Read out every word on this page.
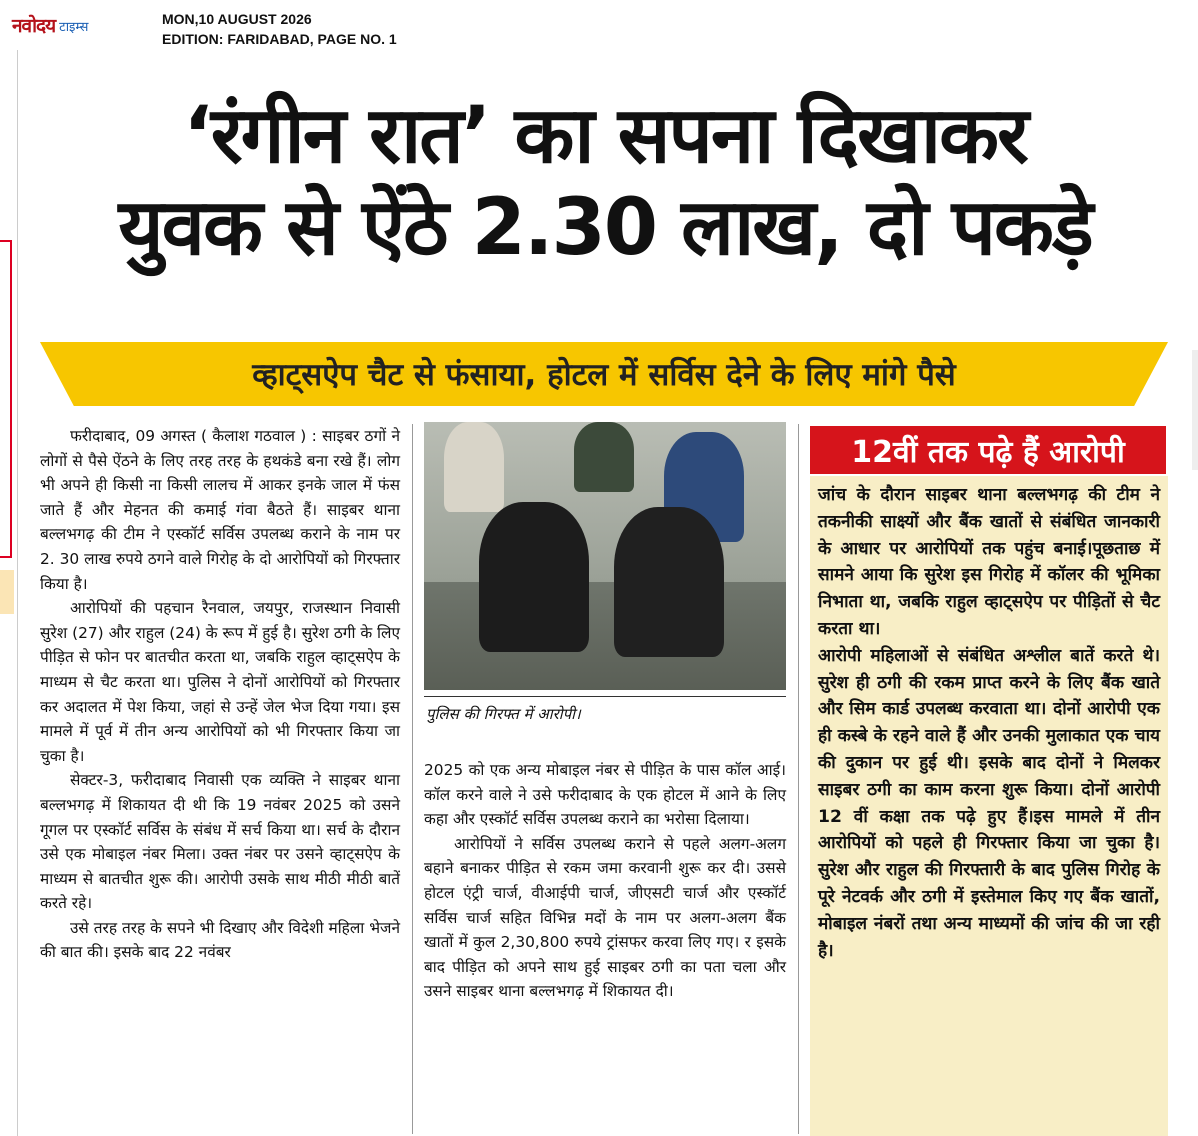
नवोदय टाइम्स
MON,10 AUGUST 2026
EDITION: FARIDABAD, PAGE NO. 1
‘रंगीन रात’ का सपना दिखाकर
युवक से ऐंठे 2.30 लाख, दो पकड़े
व्हाट्सऐप चैट से फंसाया, होटल में सर्विस देने के लिए मांगे पैसे

फरीदाबाद, 09 अगस्त ( कैलाश गठवाल ) : साइबर ठगों ने लोगों से पैसे ऐंठने के लिए तरह तरह के हथकंडे बना रखे हैं। लोग भी अपने ही किसी ना किसी लालच में आकर इनके जाल में फंस जाते हैं और मेहनत की कमाई गंवा बैठते हैं। साइबर थाना बल्लभगढ़ की टीम ने एस्कॉर्ट सर्विस उपलब्ध कराने के नाम पर 2. 30 लाख रुपये ठगने वाले गिरोह के दो आरोपियों को गिरफ्तार किया है।

आरोपियों की पहचान रैनवाल, जयपुर, राजस्थान निवासी सुरेश (27) और राहुल (24) के रूप में हुई है। सुरेश ठगी के लिए पीड़ित से फोन पर बातचीत करता था, जबकि राहुल व्हाट्सऐप के माध्यम से चैट करता था। पुलिस ने दोनों आरोपियों को गिरफ्तार कर अदालत में पेश किया, जहां से उन्हें जेल भेज दिया गया। इस मामले में पूर्व में तीन अन्य आरोपियों को भी गिरफ्तार किया जा चुका है।

सेक्टर-3, फरीदाबाद निवासी एक व्यक्ति ने साइबर थाना बल्लभगढ़ में शिकायत दी थी कि 19 नवंबर 2025 को उसने गूगल पर एस्कॉर्ट सर्विस के संबंध में सर्च किया था। सर्च के दौरान उसे एक मोबाइल नंबर मिला। उक्त नंबर पर उसने व्हाट्सऐप के माध्यम से बातचीत शुरू की। आरोपी उसके साथ मीठी मीठी बातें करते रहे।

उसे तरह तरह के सपने भी दिखाए और विदेशी महिला भेजने की बात की। इसके बाद 22 नवंबर

पुलिस की गिरफ्त में आरोपी।

2025 को एक अन्य मोबाइल नंबर से पीड़ित के पास कॉल आई। कॉल करने वाले ने उसे फरीदाबाद के एक होटल में आने के लिए कहा और एस्कॉर्ट सर्विस उपलब्ध कराने का भरोसा दिलाया।

आरोपियों ने सर्विस उपलब्ध कराने से पहले अलग-अलग बहाने बनाकर पीड़ित से रकम जमा करवानी शुरू कर दी। उससे होटल एंट्री चार्ज, वीआईपी चार्ज, जीएसटी चार्ज और एस्कॉर्ट सर्विस चार्ज सहित विभिन्न मदों के नाम पर अलग-अलग बैंक खातों में कुल 2,30,800 रुपये ट्रांसफर करवा लिए गए। र इसके बाद पीड़ित को अपने साथ हुई साइबर ठगी का पता चला और उसने साइबर थाना बल्लभगढ़ में शिकायत दी।

12वीं तक पढ़े हैं आरोपी

जांच के दौरान साइबर थाना बल्लभगढ़ की टीम ने तकनीकी साक्ष्यों और बैंक खातों से संबंधित जानकारी के आधार पर आरोपियों तक पहुंच बनाई।पूछताछ में सामने आया कि सुरेश इस गिरोह में कॉलर की भूमिका निभाता था, जबकि राहुल व्हाट्सऐप पर पीड़ितों से चैट करता था।

आरोपी महिलाओं से संबंधित अश्लील बातें करते थे।सुरेश ही ठगी की रकम प्राप्त करने के लिए बैंक खाते और सिम कार्ड उपलब्ध करवाता था। दोनों आरोपी एक ही कस्बे के रहने वाले हैं और उनकी मुलाकात एक चाय की दुकान पर हुई थी। इसके बाद दोनों ने मिलकर साइबर ठगी का काम करना शुरू किया। दोनों आरोपी 12 वीं कक्षा तक पढ़े हुए हैं।इस मामले में तीन आरोपियों को पहले ही गिरफ्तार किया जा चुका है। सुरेश और राहुल की गिरफ्तारी के बाद पुलिस गिरोह के पूरे नेटवर्क और ठगी में इस्तेमाल किए गए बैंक खातों, मोबाइल नंबरों तथा अन्य माध्यमों की जांच की जा रही है।
